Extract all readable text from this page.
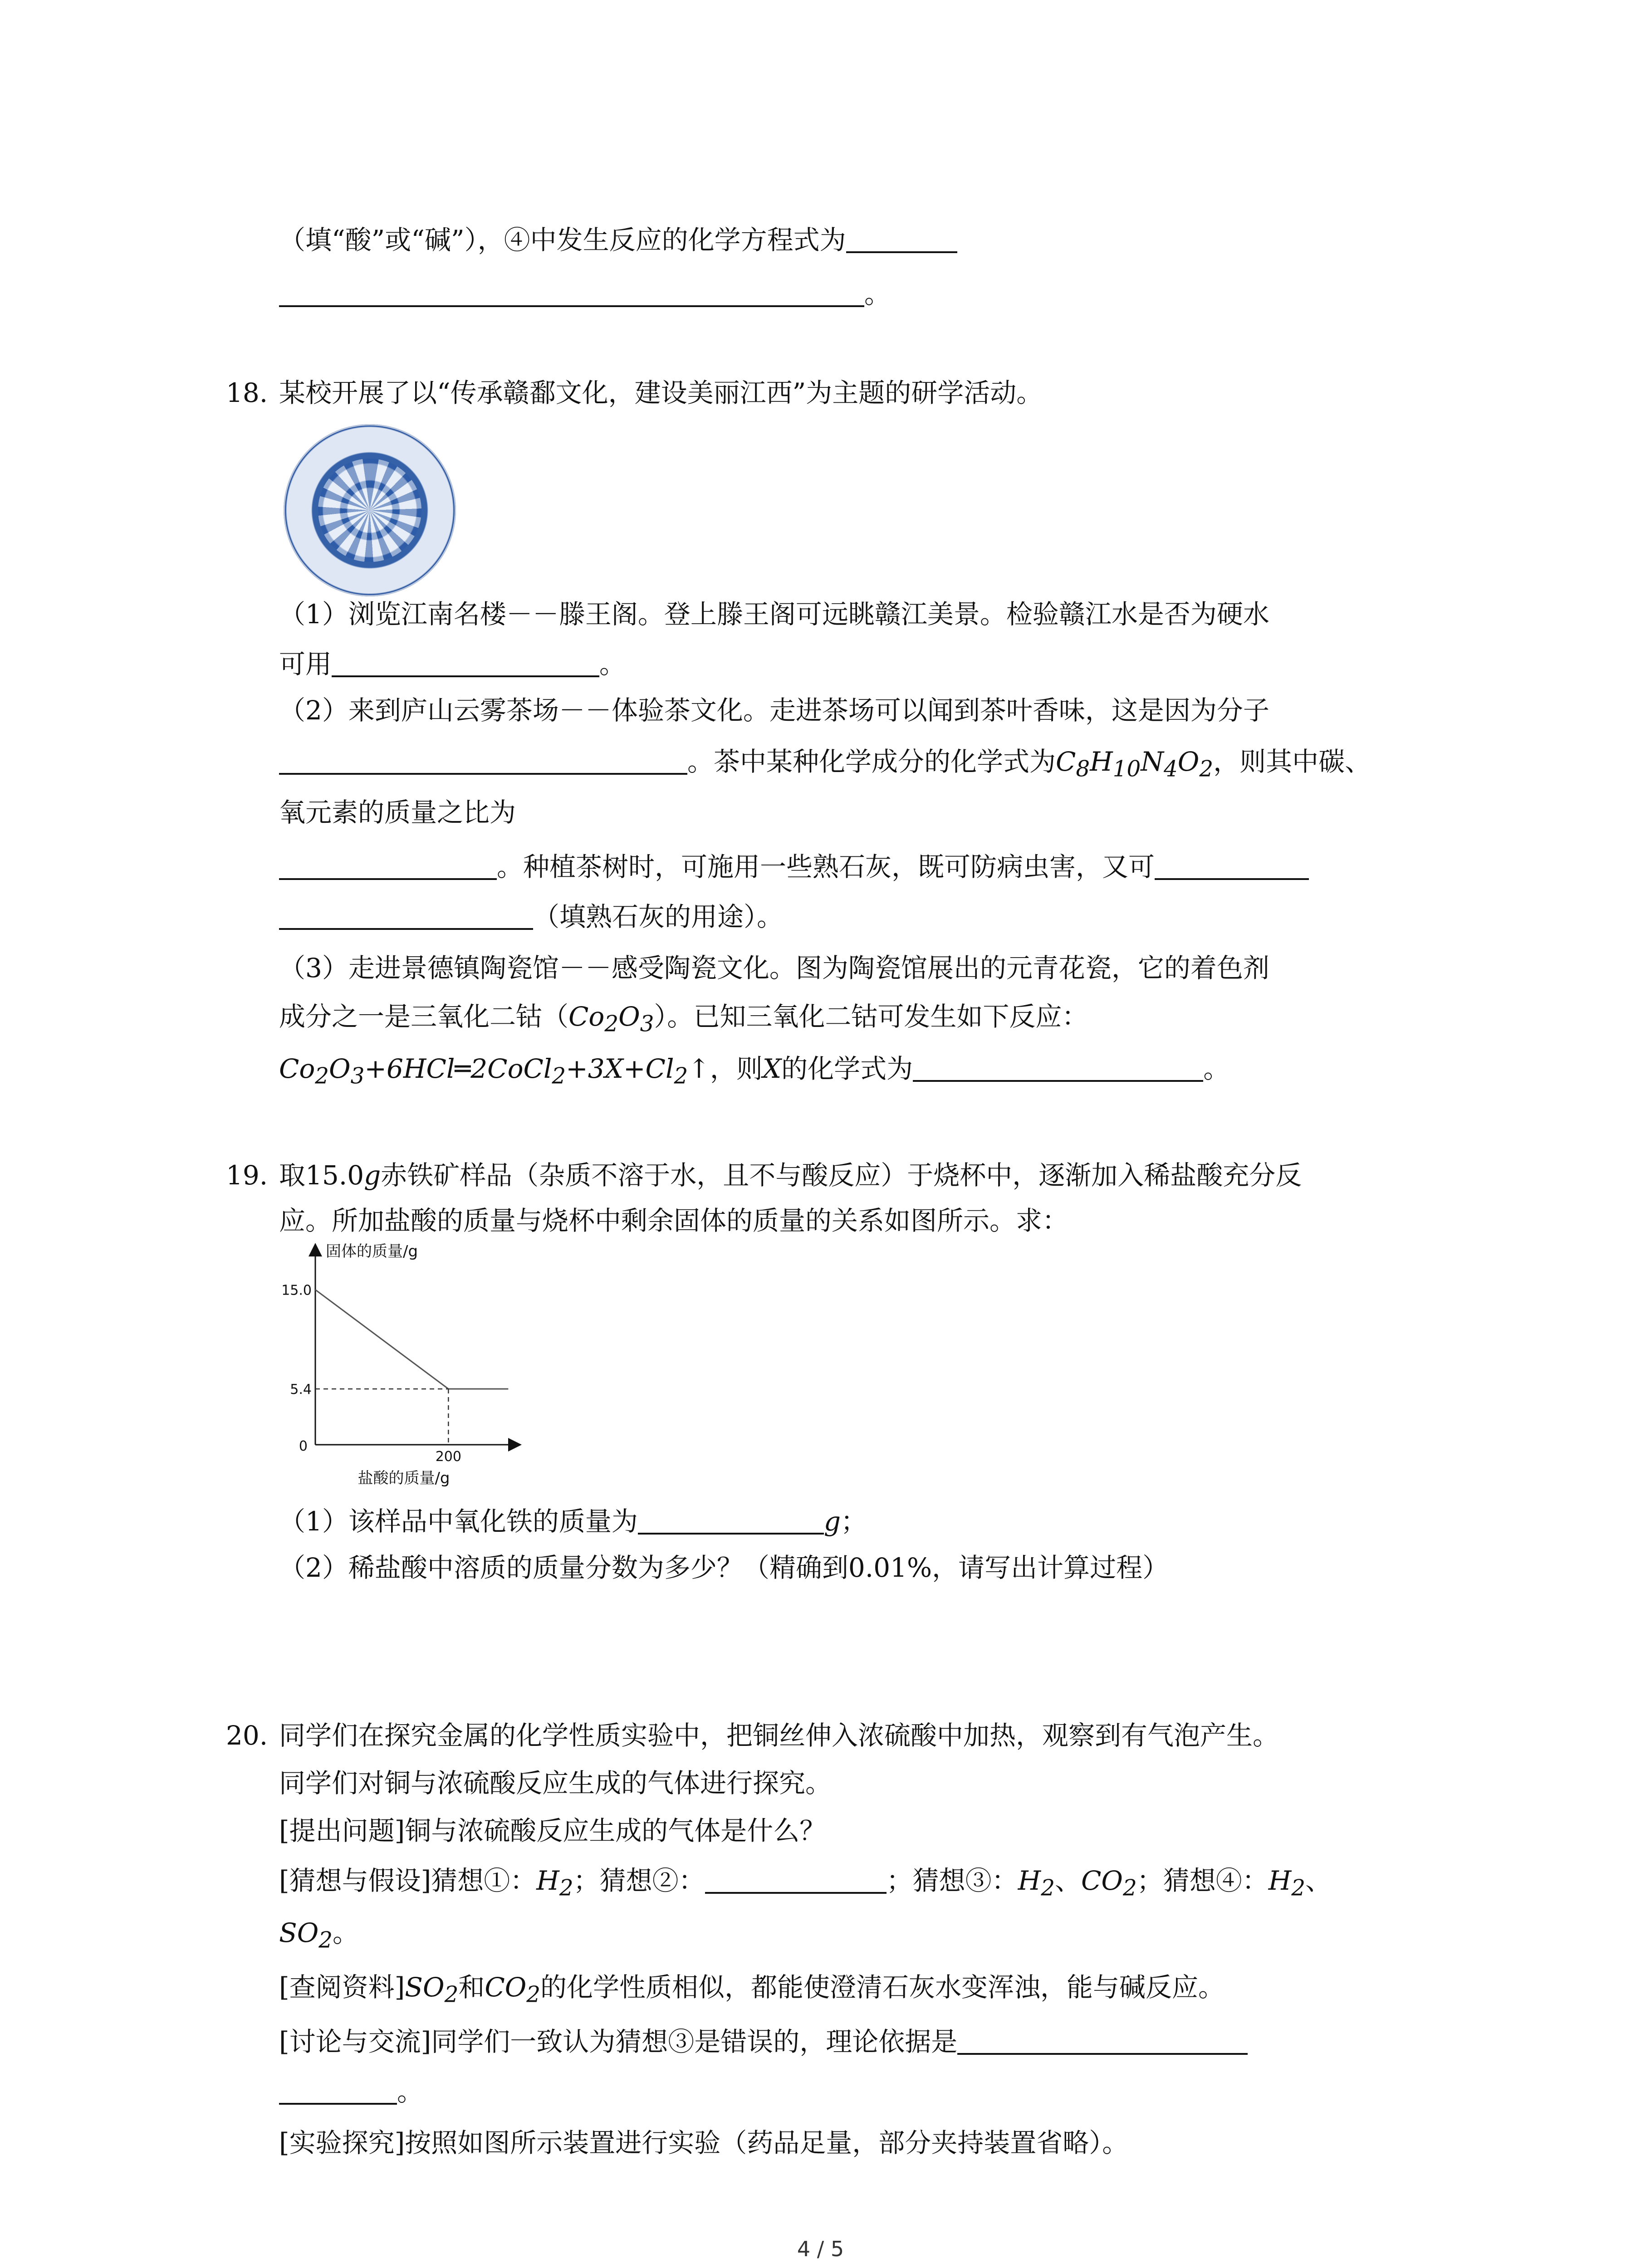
（填“酸”或“碱”），④中发生反应的化学方程式为
。
18. 某校开展了以“传承赣鄱文化，建设美丽江西”为主题的研学活动。
（1）浏览江南名楼－－滕王阁。登上滕王阁可远眺赣江美景。检验赣江水是否为硬水
可用	。
（2）来到庐山云雾茶场－－体验茶文化。走进茶场可以闻到茶叶香味，这是因为分子
。茶中某种化学成分的化学式为$C_8H_{10}N_4O_2$，则其中碳、
氧元素的质量之比为
。种植茶树时，可施用一些熟石灰，既可防病虫害，又可
（填熟石灰的用途）。
（3）走进景德镇陶瓷馆－－感受陶瓷文化。图为陶瓷馆展出的元青花瓷，它的着色剂
成分之一是三氧化二钴$(Co_2O_3)$。已知三氧化二钴可发生如下反应：
$Co_2O_3+6HCl═2CoCl_2+3X+Cl_2↑$，则X的化学式为	。
19. 取15.0g赤铁矿样品（杂质不溶于水，且不与酸反应）于烧杯中，逐渐加入稀盐酸充分反
应。所加盐酸的质量与烧杯中剩余固体的质量的关系如图所示。求：
固体的质量/g
盐酸的质量/g
0
15.0
5.4
200
（1）该样品中氧化铁的质量为	g；
（2）稀盐酸中溶质的质量分数为多少？（精确到0.01%，请写出计算过程）
20. 同学们在探究金属的化学性质实验中，把铜丝伸入浓硫酸中加热，观察到有气泡产生。
同学们对铜与浓硫酸反应生成的气体进行探究。
[提出问题]铜与浓硫酸反应生成的气体是什么？
[猜想与假设]猜想①：$H_2$；猜想②：	；猜想③：$H_2$、$CO_2$；猜想④：$H_2$、
$SO_2$。
[查阅资料]$SO_2$和$CO_2$的化学性质相似，都能使澄清石灰水变浑浊，能与碱反应。
[讨论与交流]同学们一致认为猜想③是错误的，理论依据是
。
[实验探究]按照如图所示装置进行实验（药品足量，部分夹持装置省略）。
4 / 5
